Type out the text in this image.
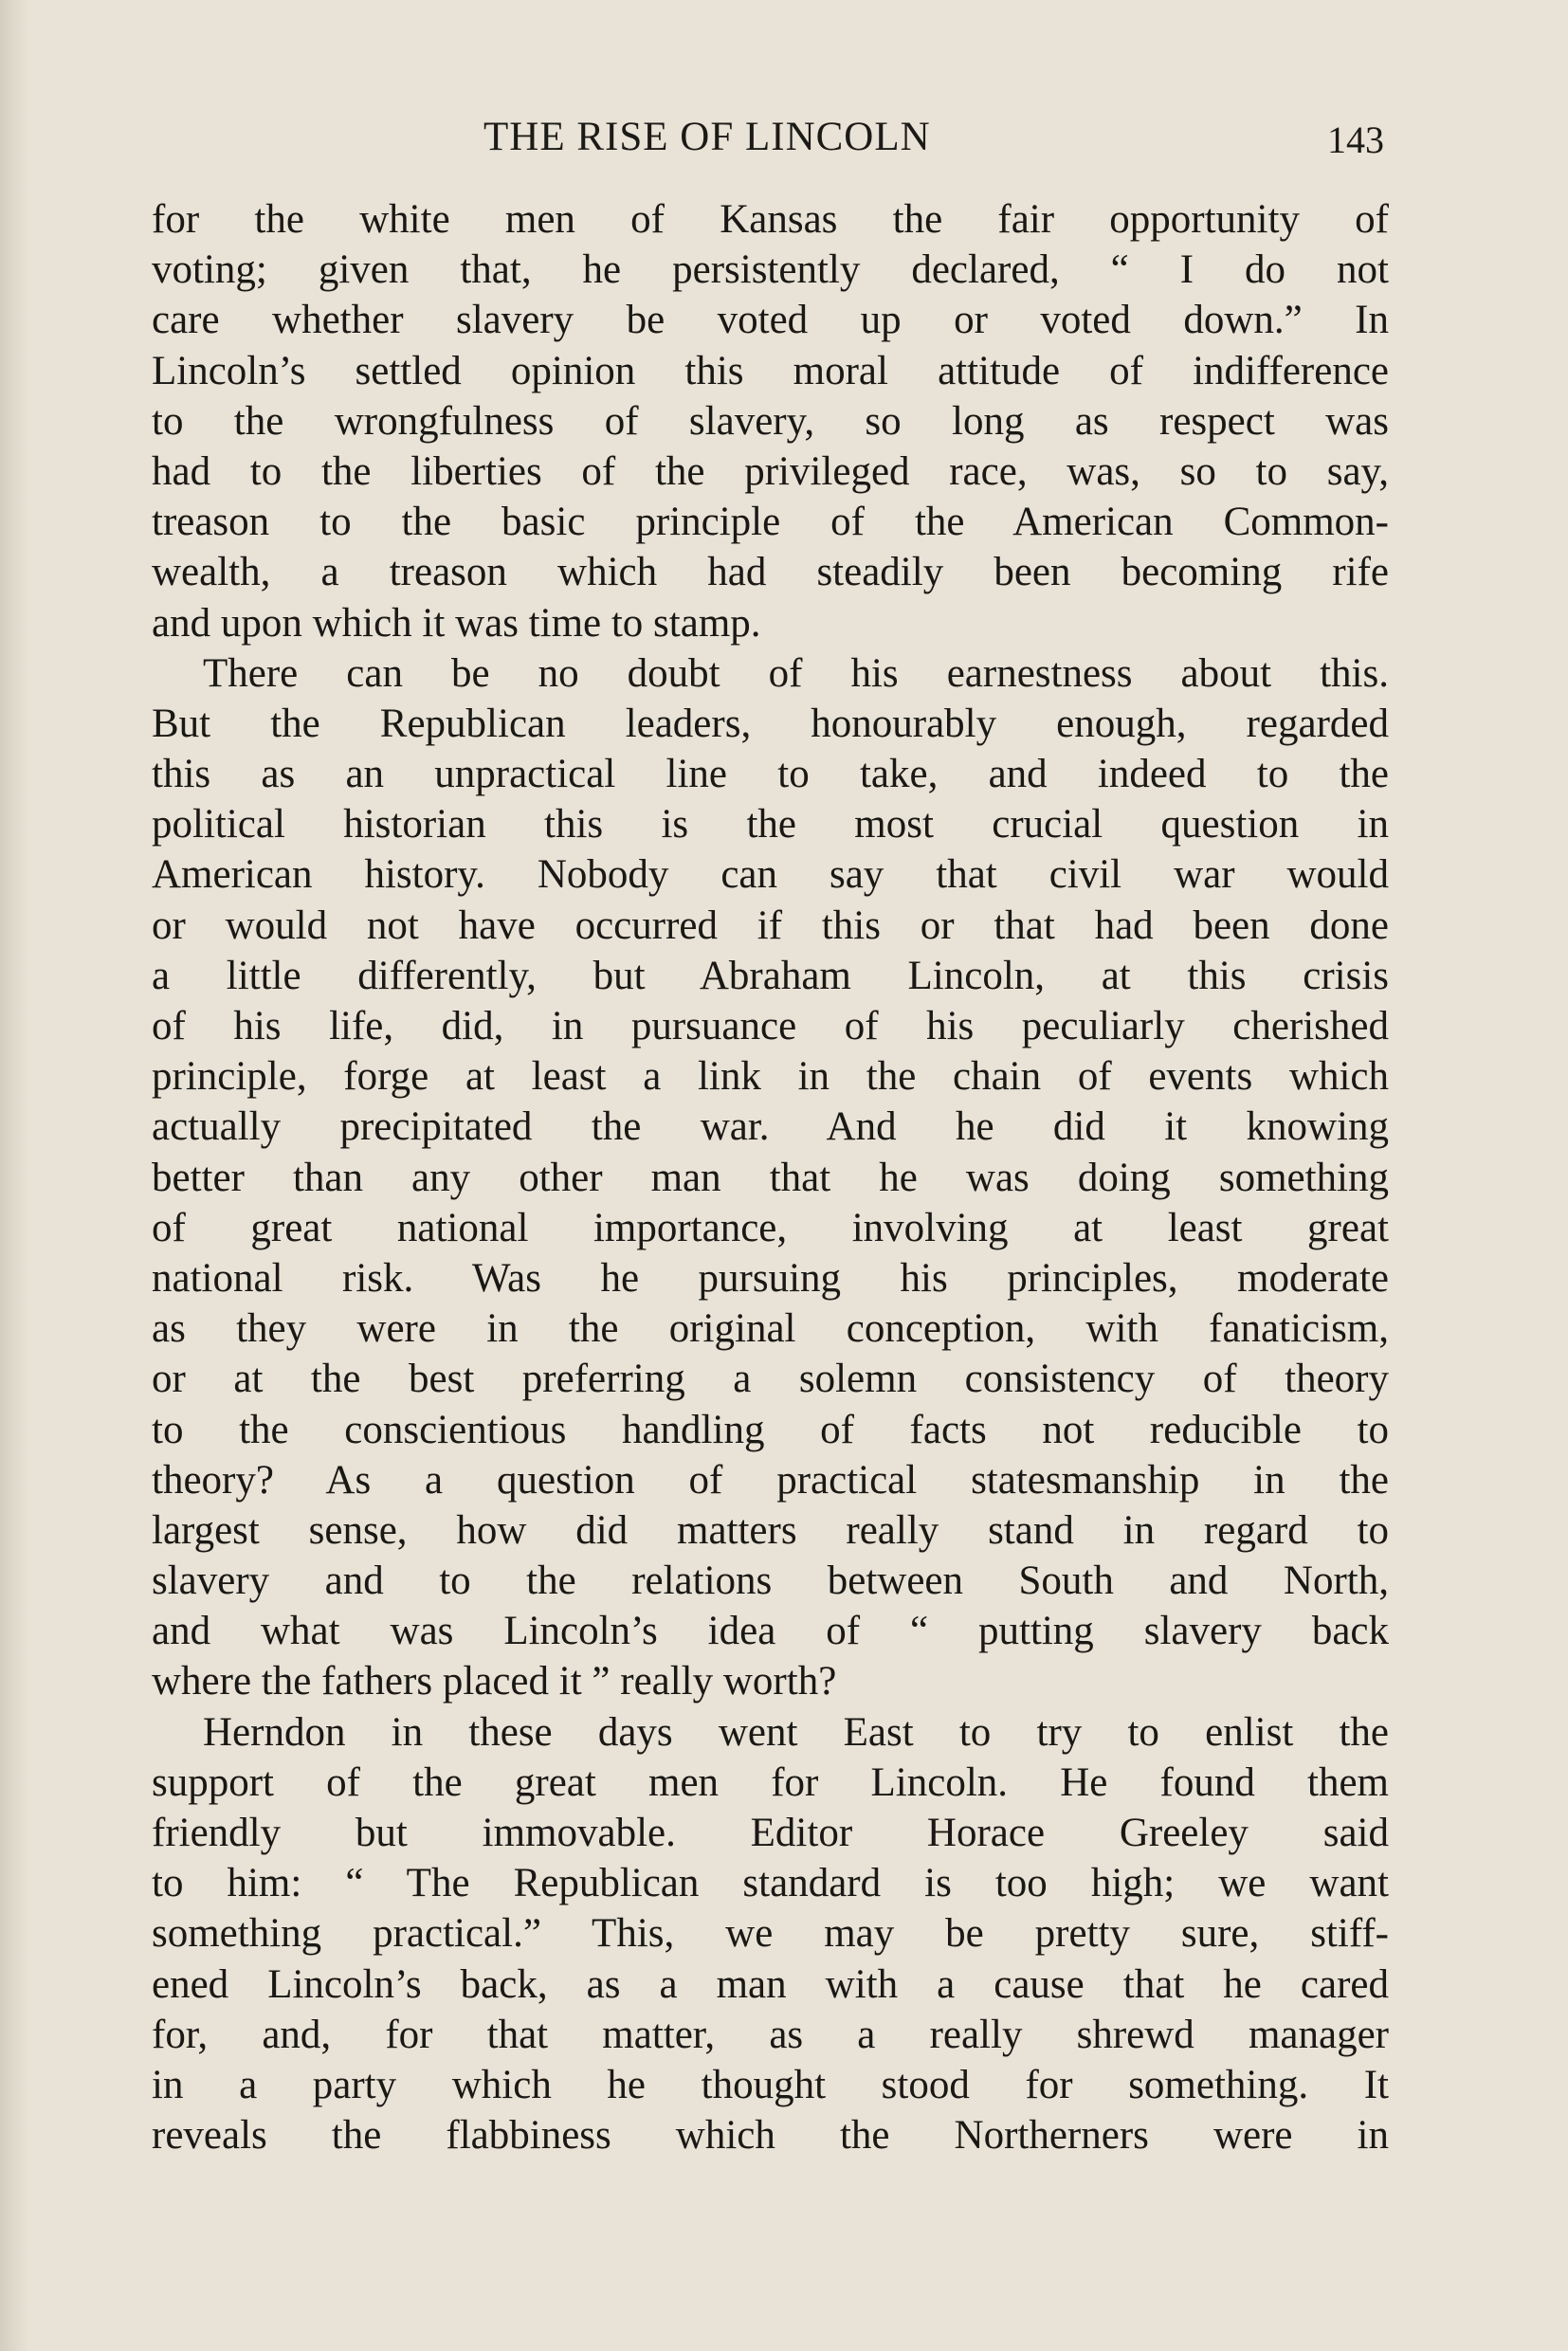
THE RISE OF LINCOLN	143
for the white men of Kansas the fair opportunity of
voting; given that, he persistently declared, “ I do not
care whether slavery be voted up or voted down.” In
Lincoln’s settled opinion this moral attitude of indifference
to the wrongfulness of slavery, so long as respect was
had to the liberties of the privileged race, was, so to say,
treason to the basic principle of the American Common-
wealth, a treason which had steadily been becoming rife
and upon which it was time to stamp.
There can be no doubt of his earnestness about this.
But the Republican leaders, honourably enough, regarded
this as an unpractical line to take, and indeed to the
political historian this is the most crucial question in
American history. Nobody can say that civil war would
or would not have occurred if this or that had been done
a little differently, but Abraham Lincoln, at this crisis
of his life, did, in pursuance of his peculiarly cherished
principle, forge at least a link in the chain of events which
actually precipitated the war. And he did it knowing
better than any other man that he was doing something
of great national importance, involving at least great
national risk. Was he pursuing his principles, moderate
as they were in the original conception, with fanaticism,
or at the best preferring a solemn consistency of theory
to the conscientious handling of facts not reducible to
theory? As a question of practical statesmanship in the
largest sense, how did matters really stand in regard to
slavery and to the relations between South and North,
and what was Lincoln’s idea of “ putting slavery back
where the fathers placed it ” really worth?
Herndon in these days went East to try to enlist the
support of the great men for Lincoln. He found them
friendly but immovable. Editor Horace Greeley said
to him: “ The Republican standard is too high; we want
something practical.” This, we may be pretty sure, stiff-
ened Lincoln’s back, as a man with a cause that he cared
for, and, for that matter, as a really shrewd manager
in a party which he thought stood for something. It
reveals the flabbiness which the Northerners were in
